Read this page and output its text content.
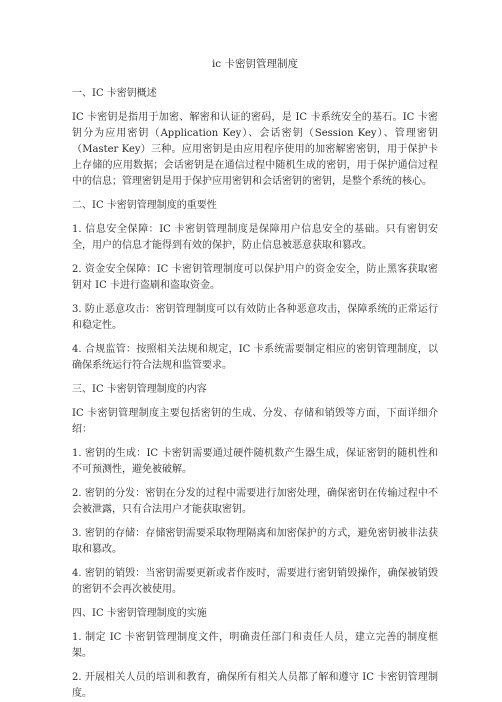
ic 卡密钥管理制度
一、IC 卡密钥概述
IC 卡密钥是指用于加密、解密和认证的密码，是 IC 卡系统安全的基石。IC 卡密钥分为应用密钥（Application Key）、会话密钥（Session Key）、管理密钥（Master Key）三种。应用密钥是由应用程序使用的加密解密密钥，用于保护卡上存储的应用数据；会话密钥是在通信过程中随机生成的密钥，用于保护通信过程中的信息；管理密钥是用于保护应用密钥和会话密钥的密钥，是整个系统的核心。
二、IC 卡密钥管理制度的重要性
1. 信息安全保障：IC 卡密钥管理制度是保障用户信息安全的基础。只有密钥安全，用户的信息才能得到有效的保护，防止信息被恶意获取和篡改。
2. 资金安全保障：IC 卡密钥管理制度可以保护用户的资金安全，防止黑客获取密钥对 IC 卡进行盗刷和盗取资金。
3. 防止恶意攻击：密钥管理制度可以有效防止各种恶意攻击，保障系统的正常运行和稳定性。
4. 合规监管：按照相关法规和规定，IC 卡系统需要制定相应的密钥管理制度，以确保系统运行符合法规和监管要求。
三、IC 卡密钥管理制度的内容
IC 卡密钥管理制度主要包括密钥的生成、分发、存储和销毁等方面，下面详细介绍：
1. 密钥的生成：IC 卡密钥需要通过硬件随机数产生器生成，保证密钥的随机性和不可预测性，避免被破解。
2. 密钥的分发：密钥在分发的过程中需要进行加密处理，确保密钥在传输过程中不会被泄露，只有合法用户才能获取密钥。
3. 密钥的存储：存储密钥需要采取物理隔离和加密保护的方式，避免密钥被非法获取和篡改。
4. 密钥的销毁：当密钥需要更新或者作废时，需要进行密钥销毁操作，确保被销毁的密钥不会再次被使用。
四、IC 卡密钥管理制度的实施
1. 制定 IC 卡密钥管理制度文件，明确责任部门和责任人员，建立完善的制度框架。
2. 开展相关人员的培训和教育，确保所有相关人员都了解和遵守 IC 卡密钥管理制度。
